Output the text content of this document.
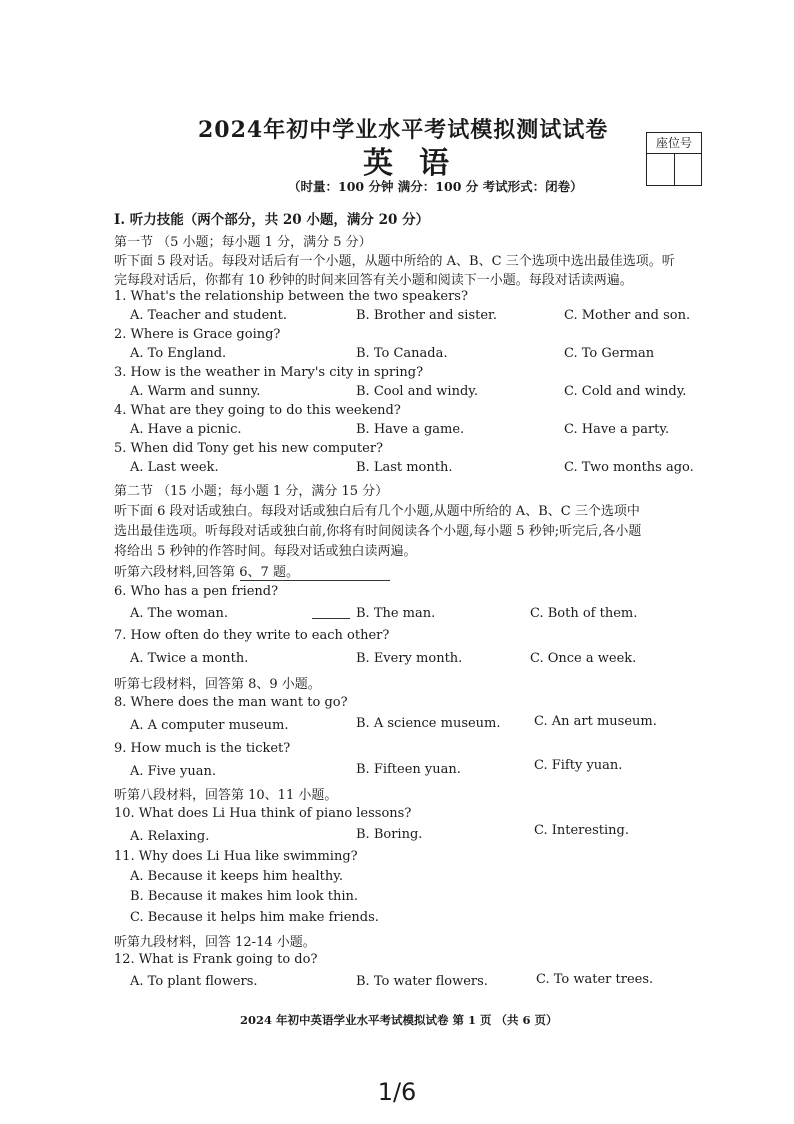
2024年初中学业水平考试模拟测试试卷
英语
（时量：100 分钟 满分：100 分 考试形式：闭卷）
座位号
I. 听力技能（两个部分，共 20 小题，满分 20 分）
第一节 （5 小题；每小题 1 分，满分 5 分）
听下面 5 段对话。每段对话后有一个小题，从题中所给的 A、B、C 三个选项中选出最佳选项。听
完每段对话后，你都有 10 秒钟的时间来回答有关小题和阅读下一小题。每段对话读两遍。
1. What's the relationship between the two speakers?
A. Teacher and student.	B. Brother and sister.	C. Mother and son.
2. Where is Grace going?
A. To England.	B. To Canada.	C. To German
3. How is the weather in Mary's city in spring?
A. Warm and sunny.	B. Cool and windy.	C. Cold and windy.
4. What are they going to do this weekend?
A. Have a picnic.	B. Have a game.	C. Have a party.
5. When did Tony get his new computer?
A. Last week.	B. Last month.	C. Two months ago.
第二节 （15 小题；每小题 1 分，满分 15 分）
听下面 6 段对话或独白。每段对话或独白后有几个小题,从题中所给的 A、B、C 三个选项中
选出最佳选项。听每段对话或独白前,你将有时间阅读各个小题,每小题 5 秒钟;听完后,各小题
将给出 5 秒钟的作答时间。每段对话或独白读两遍。
听第六段材料,回答第 6、7 题。
6. Who has a pen friend?
A. The woman.	B. The man.	C. Both of them.
7. How often do they write to each other?
A. Twice a month.	B. Every month.	C. Once a week.
听第七段材料，回答第 8、9 小题。
8. Where does the man want to go?
A. A computer museum.	B. A science museum.	C. An art museum.
9. How much is the ticket?
A. Five yuan.	B. Fifteen yuan.	C. Fifty yuan.
听第八段材料，回答第 10、11 小题。
10. What does Li Hua think of piano lessons?
A. Relaxing.	B. Boring.	C. Interesting.
11. Why does Li Hua like swimming?
A. Because it keeps him healthy.
B. Because it makes him look thin.
C. Because it helps him make friends.
听第九段材料，回答 12-14 小题。
12. What is Frank going to do?
A. To plant flowers.	B. To water flowers.	C. To water trees.
2024 年初中英语学业水平考试模拟试卷 第 1 页 （共 6 页）
1/6
